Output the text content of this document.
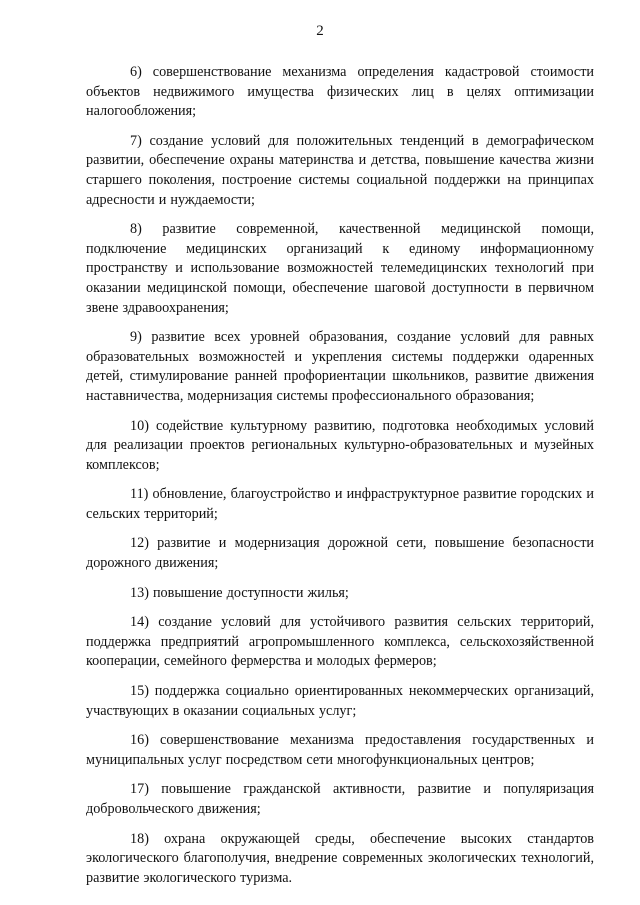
2

6) совершенствование механизма определения кадастровой стоимости объектов недвижимого имущества физических лиц в целях оптимизации налогообложения;

7) создание условий для положительных тенденций в демографическом развитии, обеспечение охраны материнства и детства, повышение качества жизни старшего поколения, построение системы социальной поддержки на принципах адресности и нуждаемости;

8) развитие современной, качественной медицинской помощи, подключение медицинских организаций к единому информационному пространству и использование возможностей телемедицинских технологий при оказании медицинской помощи, обеспечение шаговой доступности в первичном звене здравоохранения;

9) развитие всех уровней образования, создание условий для равных образовательных возможностей и укрепления системы поддержки одаренных детей, стимулирование ранней профориентации школьников, развитие движения наставничества, модернизация системы профессионального образования;

10) содействие культурному развитию, подготовка необходимых условий для реализации проектов региональных культурно-образовательных и музейных комплексов;

11) обновление, благоустройство и инфраструктурное развитие городских и сельских территорий;

12) развитие и модернизация дорожной сети, повышение безопасности дорожного движения;

13) повышение доступности жилья;

14) создание условий для устойчивого развития сельских территорий, поддержка предприятий агропромышленного комплекса, сельскохозяйственной кооперации, семейного фермерства и молодых фермеров;

15) поддержка социально ориентированных некоммерческих организаций, участвующих в оказании социальных услуг;

16) совершенствование механизма предоставления государственных и муниципальных услуг посредством сети многофункциональных центров;

17) повышение гражданской активности, развитие и популяризация добровольческого движения;

18) охрана окружающей среды, обеспечение высоких стандартов экологического благополучия, внедрение современных экологических технологий, развитие экологического туризма.
